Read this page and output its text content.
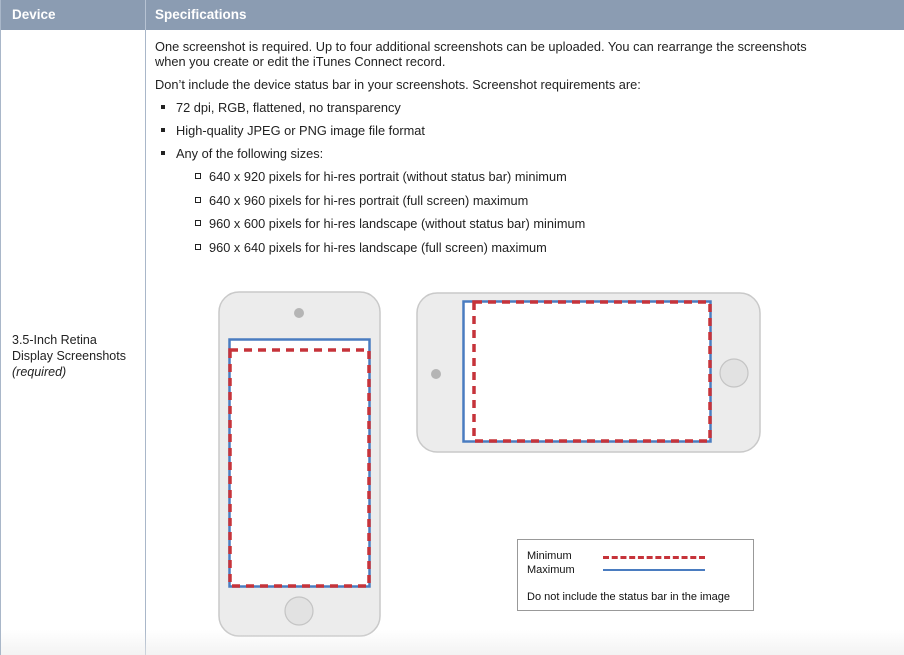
Device	Specifications
3.5-Inch Retina
Display Screenshots
(required)

One screenshot is required. Up to four additional screenshots can be uploaded. You can rearrange the screenshots
when you create or edit the iTunes Connect record.

Don’t include the device status bar in your screenshots. Screenshot requirements are:

72 dpi, RGB, flattened, no transparency
High-quality JPEG or PNG image file format
Any of the following sizes:
640 x 920 pixels for hi-res portrait (without status bar) minimum
640 x 960 pixels for hi-res portrait (full screen) maximum
960 x 600 pixels for hi-res landscape (without status bar) minimum
960 x 640 pixels for hi-res landscape (full screen) maximum
Minimum
Maximum
Do not include the status bar in the image
